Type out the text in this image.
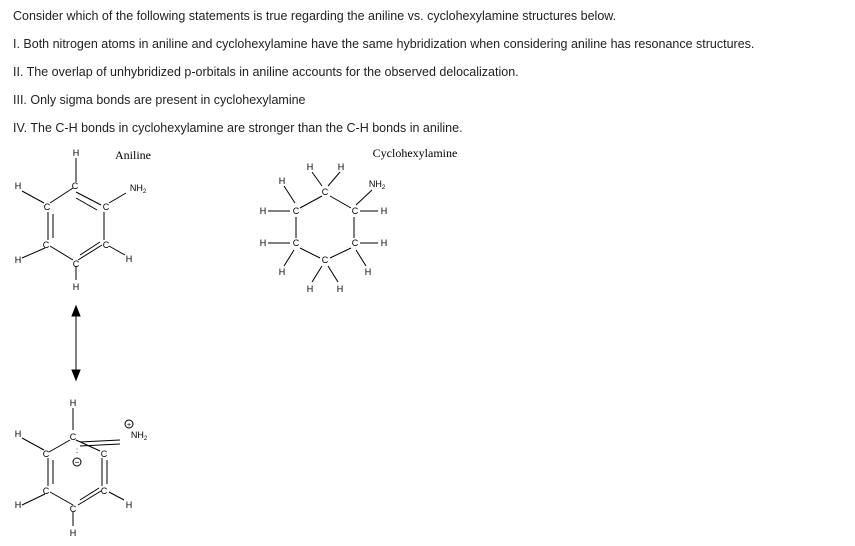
Consider which of the following statements is true regarding the aniline vs. cyclohexylamine structures below.
I. Both nitrogen atoms in aniline and cyclohexylamine have the same hybridization when considering aniline has resonance structures.
II. The overlap of unhybridized p-orbitals in aniline accounts for the observed delocalization.
III. Only sigma bonds are present in cyclohexylamine
IV. The C-H bonds in cyclohexylamine are stronger than the C-H bonds in aniline.
Aniline	Cyclohexylamine
H
C
H
C	C
$NH_2$
C	C
H	H
C
H
H
C
H
C	C
$NH_2$
+
−
:
C	C
H	H
C
H
H	H
H
C
$NH_2$
H	C	C	H
H	C	C	H
C
H	H
H	H
